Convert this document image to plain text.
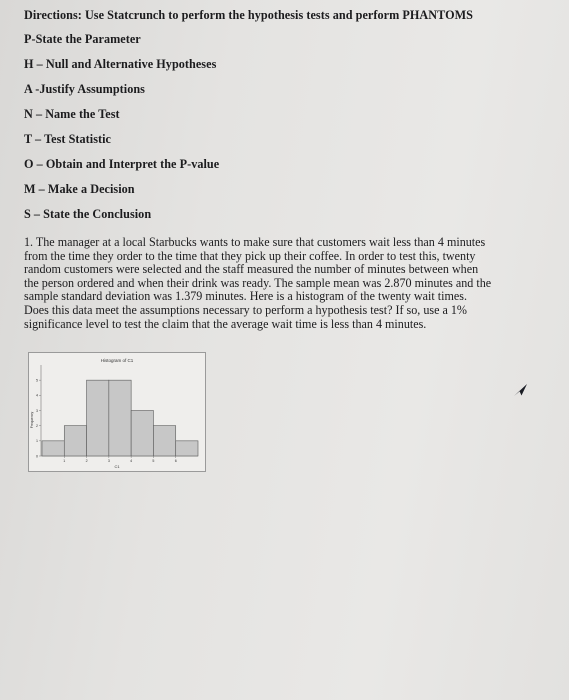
Directions: Use Statcrunch to perform the hypothesis tests and perform PHANTOMS

P-State the Parameter

H – Null and Alternative Hypotheses

A -Justify Assumptions

N – Name the Test

T – Test Statistic

O – Obtain and Interpret the P-value

M – Make a Decision

S – State the Conclusion

1. The manager at a local Starbucks wants to make sure that customers wait less than 4 minutes
from the time they order to the time that they pick up their coffee. In order to test this, twenty
random customers were selected and the staff measured the number of minutes between when
the person ordered and when their drink was ready. The sample mean was 2.870 minutes and the
sample standard deviation was 1.379 minutes. Here is a histogram of the twenty wait times.
Does this data meet the assumptions necessary to perform a hypothesis test? If so, use a 1%
significance level to test the claim that the average wait time is less than 4 minutes.
Histogram of C1
Frequency
C1
0
1
2
3
4
5
1	2	3	4	5	6
